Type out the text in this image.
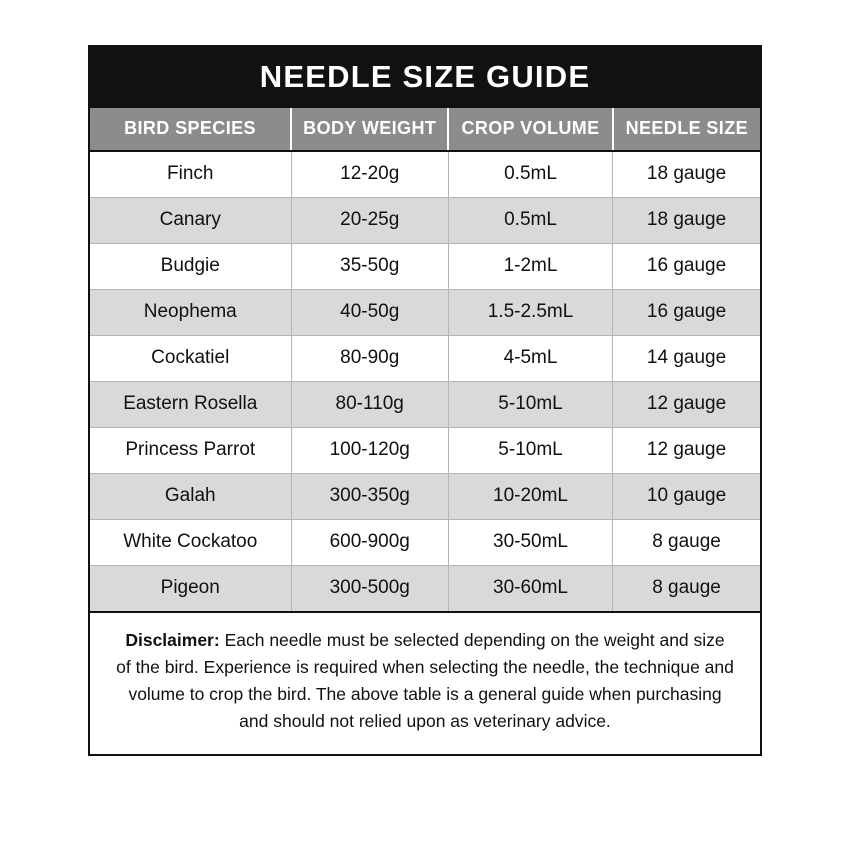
NEEDLE SIZE GUIDE
BIRD SPECIES	BODY WEIGHT	CROP VOLUME	NEEDLE SIZE
Finch	12-20g	0.5mL	18 gauge
Canary	20-25g	0.5mL	18 gauge
Budgie	35-50g	1-2mL	16 gauge
Neophema	40-50g	1.5-2.5mL	16 gauge
Cockatiel	80-90g	4-5mL	14 gauge
Eastern Rosella	80-110g	5-10mL	12 gauge
Princess Parrot	100-120g	5-10mL	12 gauge
Galah	300-350g	10-20mL	10 gauge
White Cockatoo	600-900g	30-50mL	8 gauge
Pigeon	300-500g	30-60mL	8 gauge
Disclaimer: Each needle must be selected depending on the weight and size of the bird. Experience is required when selecting the needle, the technique and volume to crop the bird. The above table is a general guide when purchasing and should not relied upon as veterinary advice.
